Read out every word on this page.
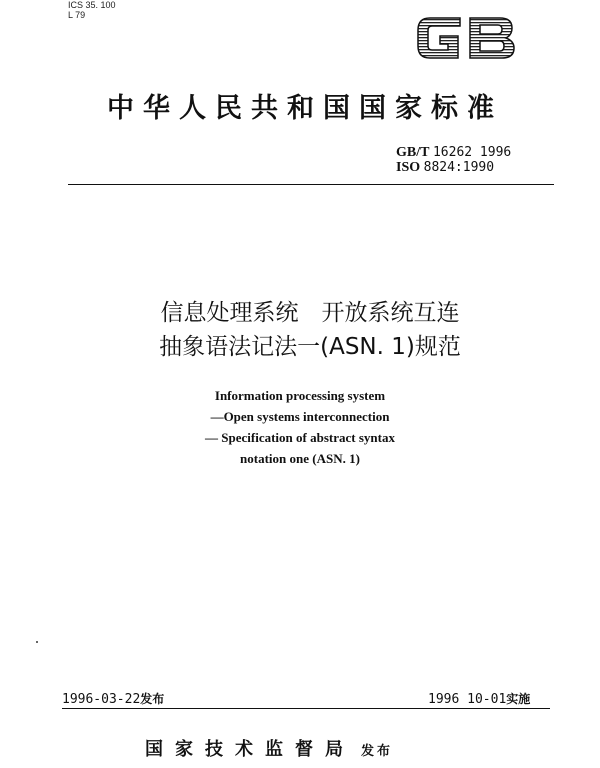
ICS 35. 100
L 79
中华人民共和国国家标准
GB/T 16262 1996
ISO 8824:1990
信息处理系统　开放系统互连
抽象语法记法一(ASN. 1)规范
Information processing system
—Open systems interconnection
— Specification of abstract syntax
notation one (ASN. 1)
1996-03-22发布	1996 10-01实施
国家技术监督局 发布
